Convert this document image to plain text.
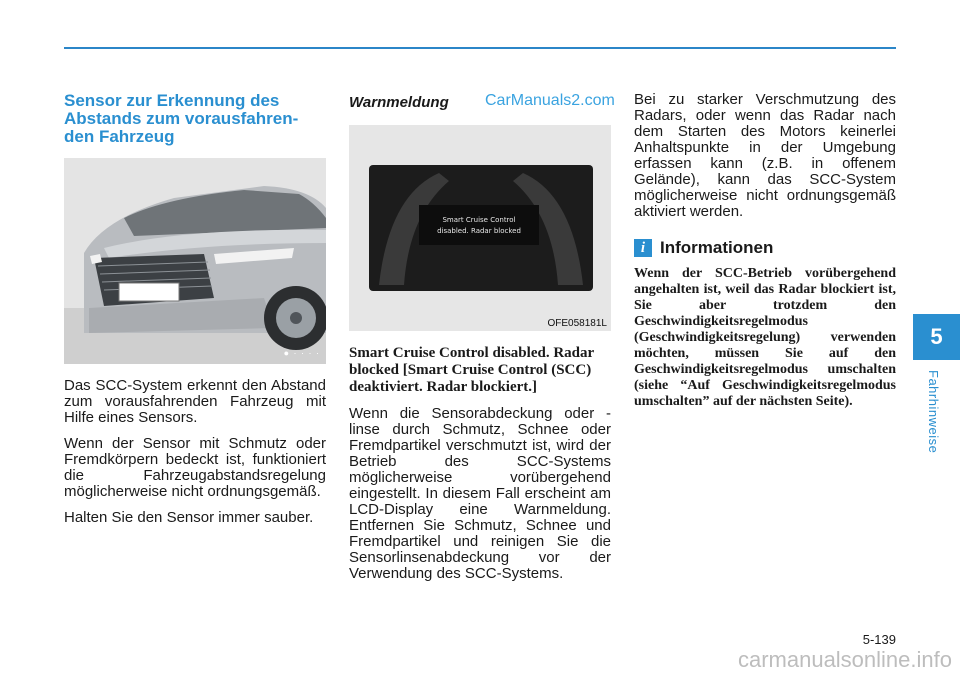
Sensor zur Erkennung des Abstands zum vorausfahren-den Fahrzeug
● · · · ·

Das SCC-System erkennt den Abstand zum vorausfahrenden Fahrzeug mit Hilfe eines Sensors.

Wenn der Sensor mit Schmutz oder Fremdkörpern bedeckt ist, funktioniert die Fahrzeugabstandsregelung möglicherweise nicht ordnungsgemäß.

Halten Sie den Sensor immer sauber.

CarManuals2.com
Warnmeldung
Smart Cruise Control
disabled. Radar blocked
OFE058181L
Smart Cruise Control disabled. Radar blocked [Smart Cruise Control (SCC) deaktiviert. Radar blockiert.]

Wenn die Sensorabdeckung oder -linse durch Schmutz, Schnee oder Fremdpartikel verschmutzt ist, wird der Betrieb des SCC-Systems möglicherweise vorübergehend eingestellt. In diesem Fall erscheint am LCD-Display eine Warnmeldung. Entfernen Sie Schmutz, Schnee und Fremdpartikel und reinigen Sie die Sensorlinsenabdeckung vor der Verwendung des SCC-Systems.

Bei zu starker Verschmutzung des Radars, oder wenn das Radar nach dem Starten des Motors keinerlei Anhaltspunkte in der Umgebung erfassen kann (z.B. in offenem Gelände), kann das SCC-System möglicherweise nicht ordnungsgemäß aktiviert werden.

i Informationen

Wenn der SCC-Betrieb vorübergehend angehalten ist, weil das Radar blockiert ist, Sie aber trotzdem den Geschwindigkeitsregelmodus (Geschwindigkeitsregelung) verwenden möchten, müssen Sie auf den Geschwindigkeitsregelmodus umschalten (siehe “Auf Geschwindigkeitsregelmodus umschalten” auf der nächsten Seite).

5
Fahrhinweise
5-139
carmanualsonline.info
